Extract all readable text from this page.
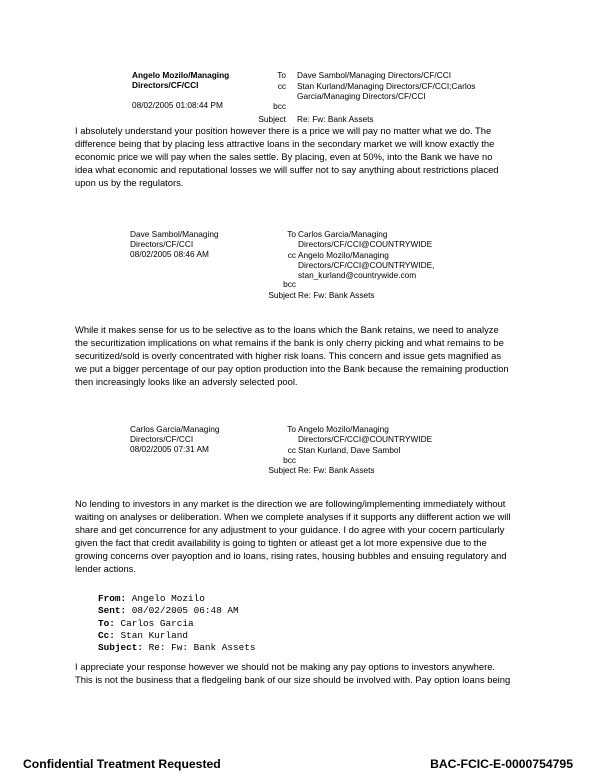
Angelo Mozilo/Managing
Directors/CF/CCI
08/02/2005 01:08:44 PM
To
cc
bcc
Subject
Dave Sambol/Managing Directors/CF/CCI
Stan Kurland/Managing Directors/CF/CCI;Carlos
Garcia/Managing Directors/CF/CCI
Re: Fw: Bank Assets
I absolutely understand your position however there is a price we will pay no matter what we do. The
difference being that by placing less attractive loans in the secondary market we will know exactly the
economic price we will pay when the sales settle. By placing, even at 50%, into the Bank we have no
idea what economic and reputational losses we will suffer not to say anything about restrictions placed
upon us by the regulators.
Dave Sambol/Managing
Directors/CF/CCI
08/02/2005 08:46 AM
To
cc
bcc
Subject
Carlos Garcia/Managing
Directors/CF/CCI@COUNTRYWIDE
Angelo Mozilo/Managing
Directors/CF/CCI@COUNTRYWIDE,
stan_kurland@countrywide.com
Re: Fw: Bank Assets
While it makes sense for us to be selective as to the loans which the Bank retains, we need to analyze
the securitization implications on what remains if the bank is only cherry picking and what remains to be
securitized/sold is overly concentrated with higher risk loans. This concern and issue gets magnified as
we put a bigger percentage of our pay option production into the Bank because the remaining production
then increasingly looks like an adversly selected pool.
Carlos Garcia/Managing
Directors/CF/CCI
08/02/2005 07:31 AM
To
cc
bcc
Subject
Angelo Mozilo/Managing
Directors/CF/CCI@COUNTRYWIDE
Stan Kurland, Dave Sambol
Re: Fw: Bank Assets
No lending to investors in any market is the direction we are following/implementing immediately without
waiting on analyses or deliberation. When we complete analyses if it supports any diifferent action we will
share and get concurrence for any adjustment to your guidance. I do agree with your cocern particularly
given the fact that credit availability is going to tighten or atleast get a lot more expensive due to the
growing concerns over payoption and io loans, rising rates, housing bubbles and ensuing regulatory and
lender actions.
From: Angelo Mozilo
Sent: 08/02/2005 06:48 AM
To: Carlos Garcia
Cc: Stan Kurland
Subject: Re: Fw: Bank Assets
I appreciate your response however we should not be making any pay options to investors anywhere.
This is not the business that a fledgeling bank of our size should be involved with. Pay option loans being
Confidential Treatment Requested	BAC-FCIC-E-0000754795
